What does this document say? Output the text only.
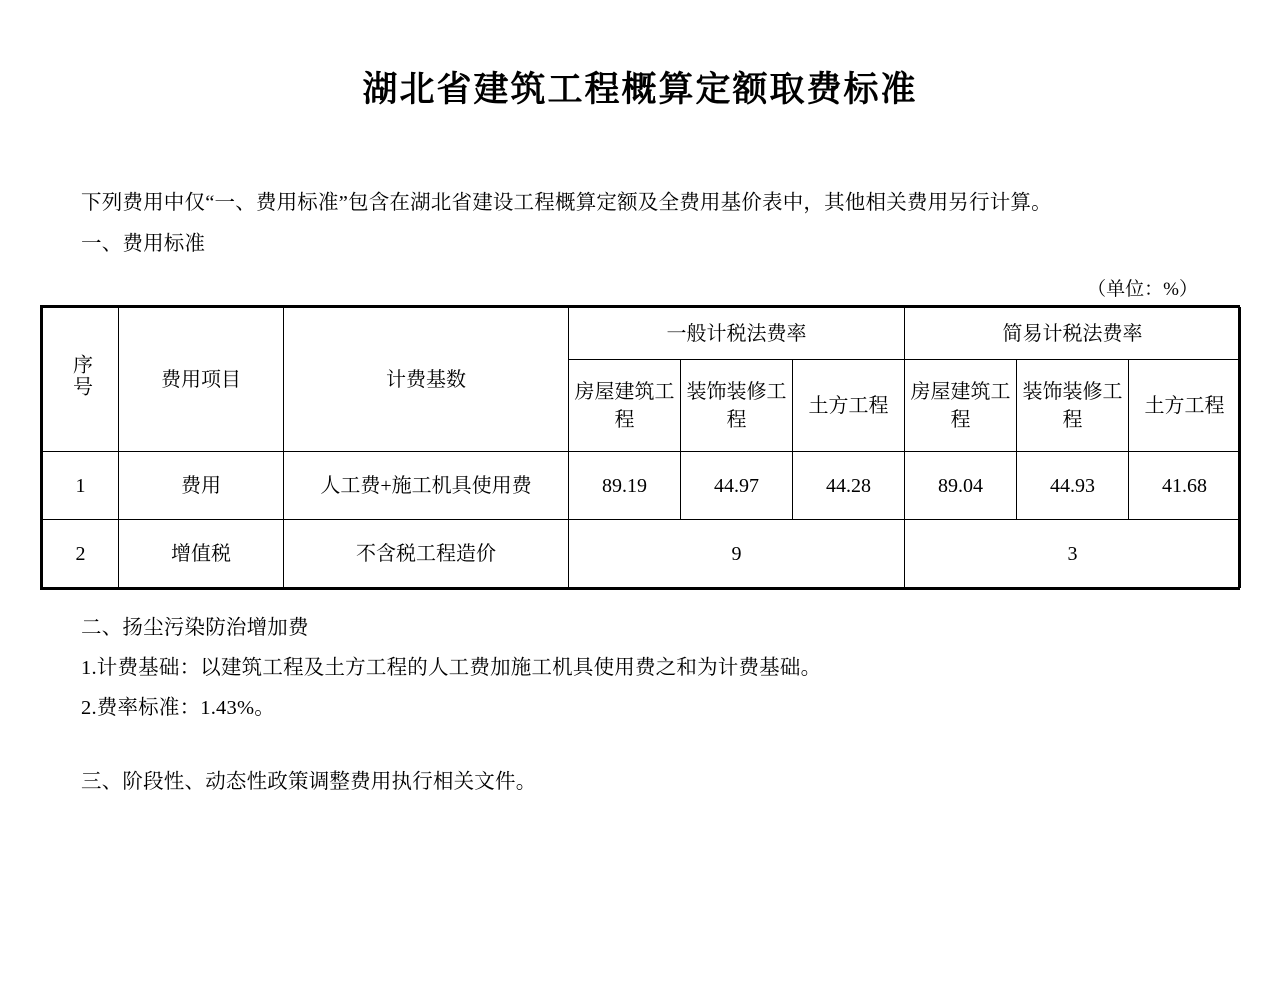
湖北省建筑工程概算定额取费标准
下列费用中仅“一、费用标准”包含在湖北省建设工程概算定额及全费用基价表中，其他相关费用另行计算。
一、费用标准
（单位：%）
序号	费用项目	计费基数	一般计税法费率			简易计税法费率		
			房屋建筑工程	装饰装修工程	土方工程	房屋建筑工程	装饰装修工程	土方工程
1	费用	人工费+施工机具使用费	89.19	44.97	44.28	89.04	44.93	41.68
2	增值税	不含税工程造价	9			3		
二、扬尘污染防治增加费
1.计费基础：以建筑工程及土方工程的人工费加施工机具使用费之和为计费基础。
2.费率标准：1.43%。
三、阶段性、动态性政策调整费用执行相关文件。
